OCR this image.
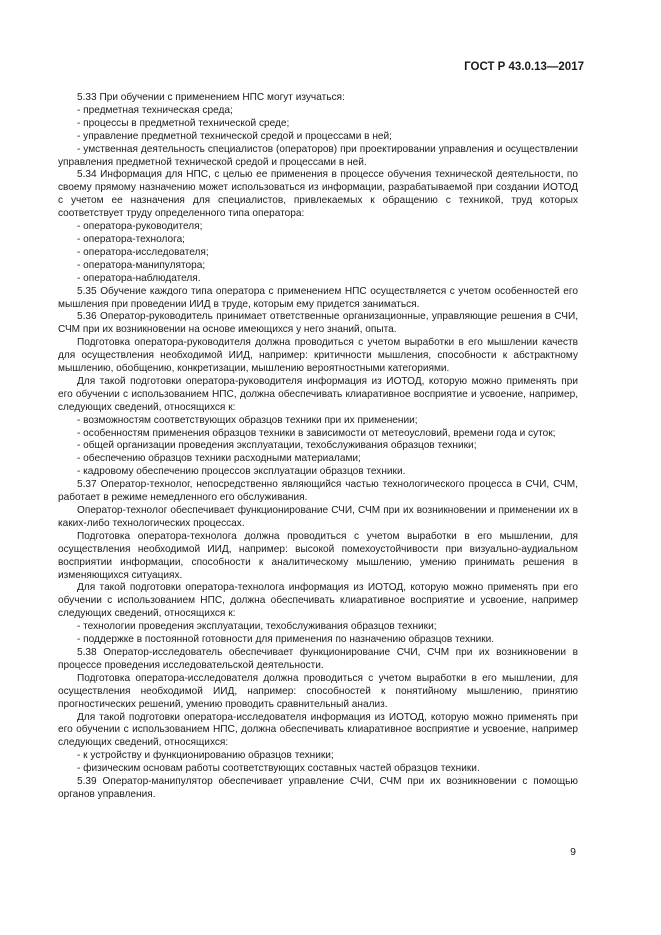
ГОСТ Р 43.0.13—2017

5.33 При обучении с применением НПС могут изучаться:

- предметная техническая среда;

- процессы в предметной технической среде;

- управление предметной технической средой и процессами в ней;

- умственная деятельность специалистов (операторов) при проектировании управления и осуществлении управления предметной технической средой и процессами в ней.

5.34 Информация для НПС, с целью ее применения в процессе обучения технической деятельности, по своему прямому назначению может использоваться из информации, разрабатываемой при создании ИОТОД с учетом ее назначения для специалистов, привлекаемых к обращению с техникой, труд которых соответствует труду определенного типа оператора:

- оператора-руководителя;

- оператора-технолога;

- оператора-исследователя;

- оператора-манипулятора;

- оператора-наблюдателя.

5.35 Обучение каждого типа оператора с применением НПС осуществляется с учетом особенностей его мышления при проведении ИИД в труде, которым ему придется заниматься.

5.36 Оператор-руководитель принимает ответственные организационные, управляющие решения в СЧИ, СЧМ при их возникновении на основе имеющихся у него знаний, опыта.

Подготовка оператора-руководителя должна проводиться с учетом выработки в его мышлении качеств для осуществления необходимой ИИД, например: критичности мышления, способности к абстрактному мышлению, обобщению, конкретизации, мышлению вероятностными категориями.

Для такой подготовки оператора-руководителя информация из ИОТОД, которую можно применять при его обучении с использованием НПС, должна обеспечивать клиаративное восприятие и усвоение, например, следующих сведений, относящихся к:

- возможностям соответствующих образцов техники при их применении;

- особенностям применения образцов техники в зависимости от метеоусловий, времени года и суток;

- общей организации проведения эксплуатации, техобслуживания образцов техники;

- обеспечению образцов техники расходными материалами;

- кадровому обеспечению процессов эксплуатации образцов техники.

5.37 Оператор-технолог, непосредственно являющийся частью технологического процесса в СЧИ, СЧМ, работает в режиме немедленного его обслуживания.

Оператор-технолог обеспечивает функционирование СЧИ, СЧМ при их возникновении и применении их в каких-либо технологических процессах.

Подготовка оператора-технолога должна проводиться с учетом выработки в его мышлении, для осуществления необходимой ИИД, например: высокой помехоустойчивости при визуально-аудиальном восприятии информации, способности к аналитическому мышлению, умению принимать решения в изменяющихся ситуациях.

Для такой подготовки оператора-технолога информация из ИОТОД, которую можно применять при его обучении с использованием НПС, должна обеспечивать клиаративное восприятие и усвоение, например следующих сведений, относящихся к:

- технологии проведения эксплуатации, техобслуживания образцов техники;

- поддержке в постоянной готовности для применения по назначению образцов техники.

5.38 Оператор-исследователь обеспечивает функционирование СЧИ, СЧМ при их возникновении в процессе проведения исследовательской деятельности.

Подготовка оператора-исследователя должна проводиться с учетом выработки в его мышлении, для осуществления необходимой ИИД, например: способностей к понятийному мышлению, принятию прогностических решений, умению проводить сравнительный анализ.

Для такой подготовки оператора-исследователя информация из ИОТОД, которую можно применять при его обучении с использованием НПС, должна обеспечивать клиаративное восприятие и усвоение, например следующих сведений, относящихся:

- к устройству и функционированию образцов техники;

- физическим основам работы соответствующих составных частей образцов техники.

5.39 Оператор-манипулятор обеспечивает управление СЧИ, СЧМ при их возникновении с помощью органов управления.

9
